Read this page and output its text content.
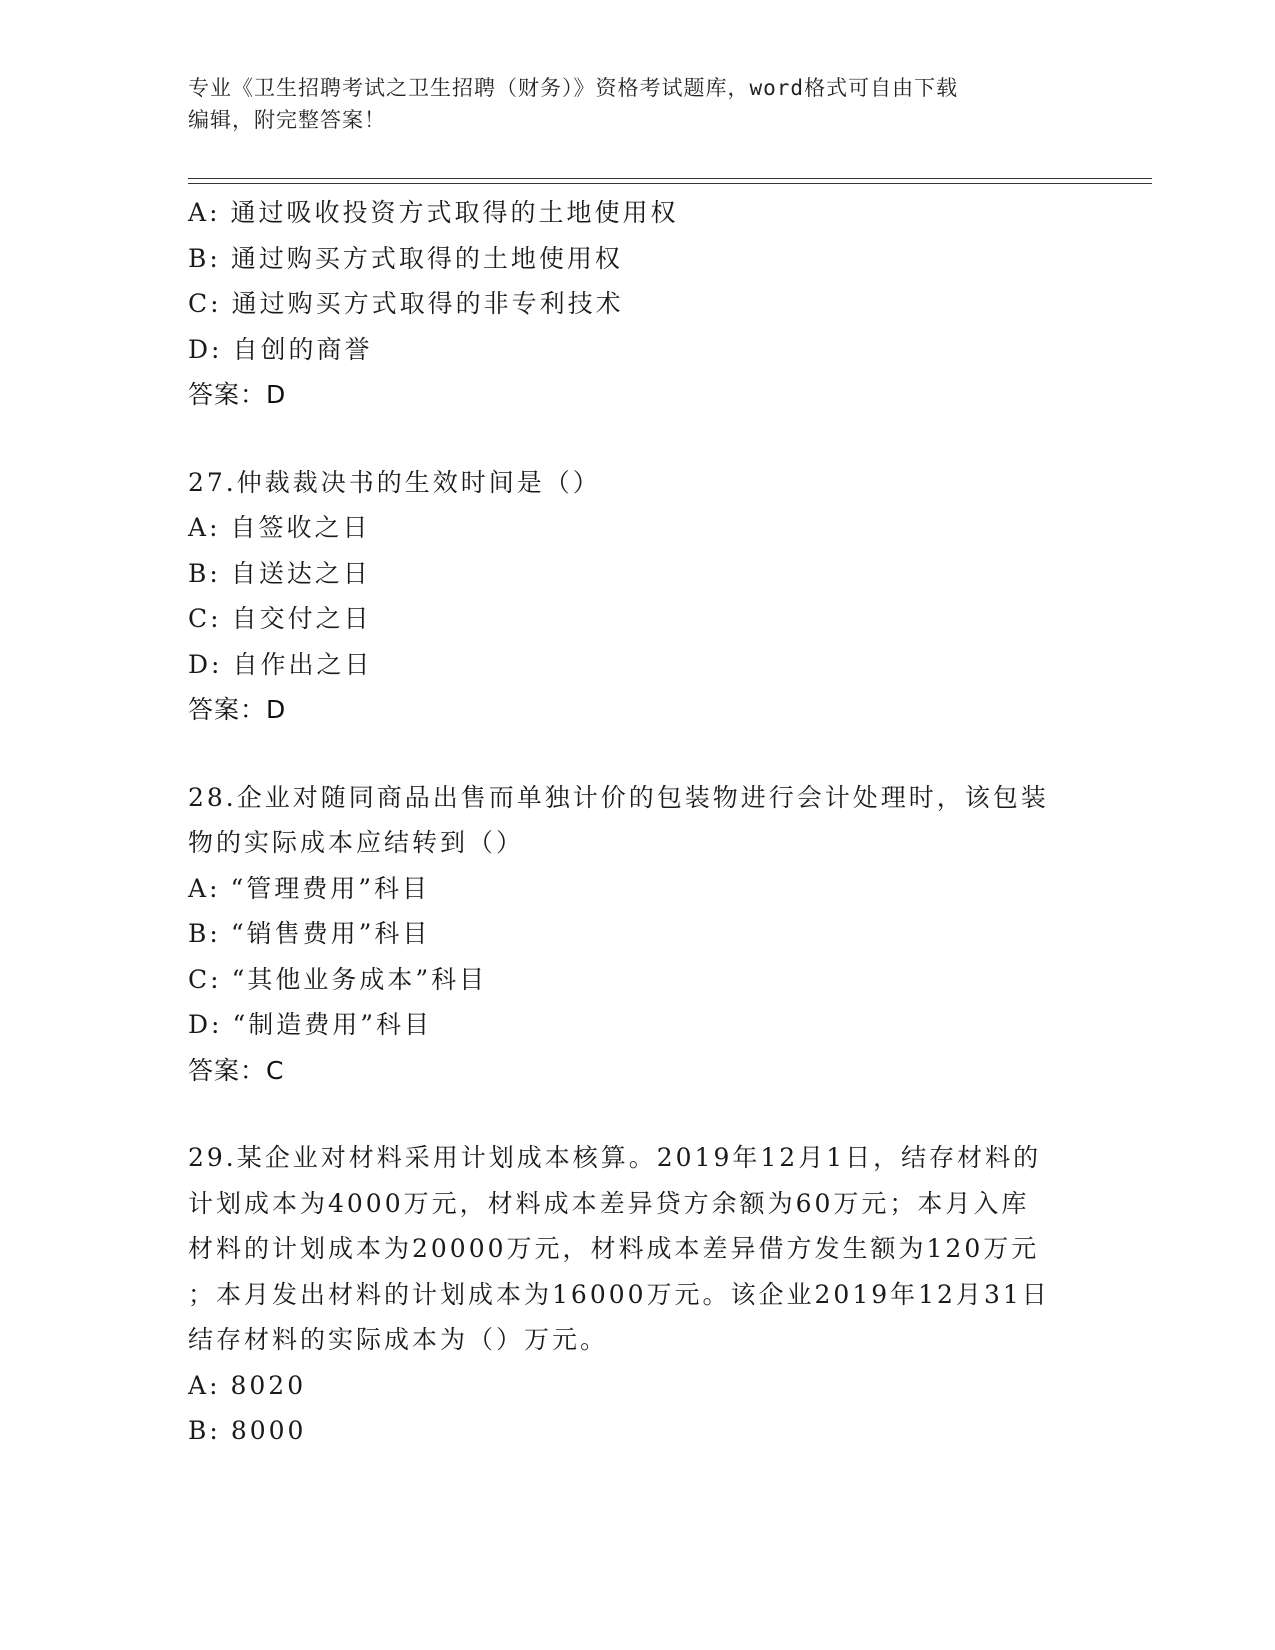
专业《卫生招聘考试之卫生招聘（财务）》资格考试题库，word格式可自由下载
编辑，附完整答案！
A: 通过吸收投资方式取得的土地使用权
B: 通过购买方式取得的土地使用权
C: 通过购买方式取得的非专利技术
D: 自创的商誉
答案：D
27.仲裁裁决书的生效时间是（）
A: 自签收之日
B: 自送达之日
C: 自交付之日
D: 自作出之日
答案：D
28.企业对随同商品出售而单独计价的包装物进行会计处理时，该包装
物的实际成本应结转到（）
A: “管理费用”科目
B: “销售费用”科目
C: “其他业务成本”科目
D: “制造费用”科目
答案：C
29.某企业对材料采用计划成本核算。2019年12月1日，结存材料的
计划成本为4000万元，材料成本差异贷方余额为60万元；本月入库
材料的计划成本为20000万元，材料成本差异借方发生额为120万元
；本月发出材料的计划成本为16000万元。该企业2019年12月31日
结存材料的实际成本为（）万元。
A: 8020
B: 8000
